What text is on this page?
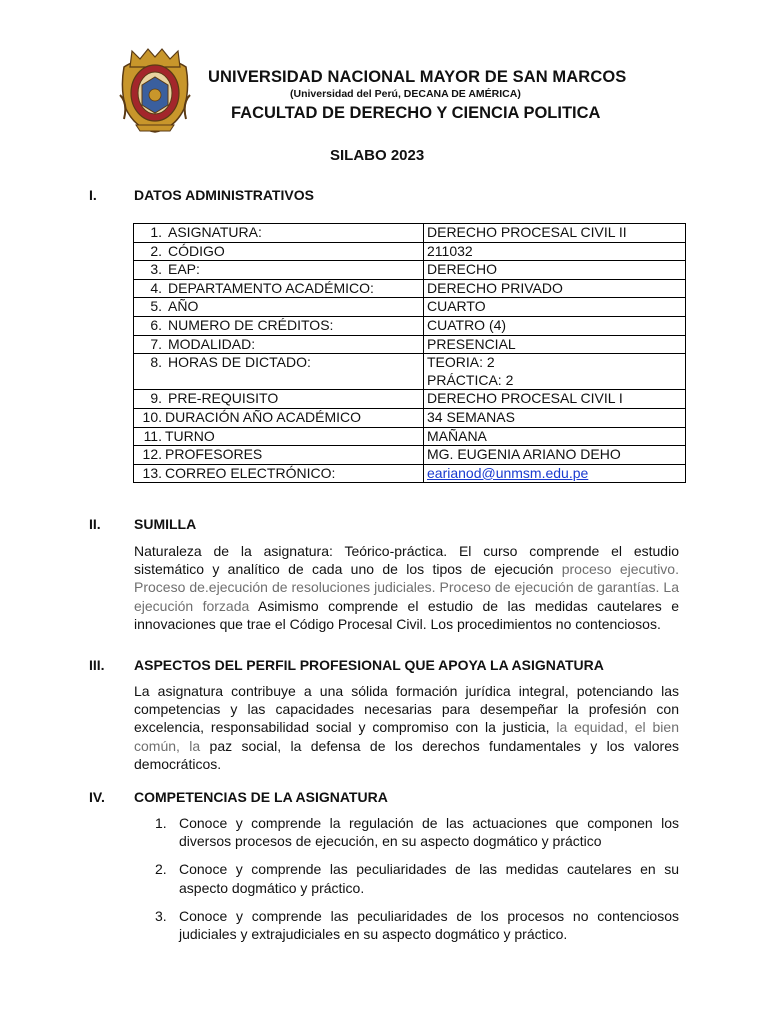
UNIVERSIDAD NACIONAL MAYOR DE SAN MARCOS
(Universidad del Perú, DECANA DE AMÉRICA)
FACULTAD DE DERECHO Y CIENCIA POLITICA
SILABO 2023
I.	DATOS ADMINISTRATIVOS
1. ASIGNATURA:	DERECHO PROCESAL CIVIL II
2. CÓDIGO	211032
3. EAP:	DERECHO
4. DEPARTAMENTO ACADÉMICO:	DERECHO PRIVADO
5. AÑO	CUARTO
6. NUMERO DE CRÉDITOS:	CUATRO (4)
7. MODALIDAD:	PRESENCIAL
8. HORAS DE DICTADO:	TEORIA: 2
PRÁCTICA: 2

9. PRE-REQUISITO	DERECHO PROCESAL CIVIL I
10. DURACIÓN AÑO ACADÉMICO	34 SEMANAS
11. TURNO	MAÑANA
12. PROFESORES	MG. EUGENIA ARIANO DEHO
13. CORREO ELECTRÓNICO:	earianod@unmsm.edu.pe
II. SUMILLA
Naturaleza de la asignatura: Teórico-práctica. El curso comprende el estudio sistemático y analítico de cada uno de los tipos de ejecución proceso ejecutivo. Proceso de.ejecución de resoluciones judiciales. Proceso de ejecución de garantías. La ejecución forzada Asimismo comprende el estudio de las medidas cautelares e innovaciones que trae el Código Procesal Civil. Los procedimientos no contenciosos.
III. ASPECTOS DEL PERFIL PROFESIONAL QUE APOYA LA ASIGNATURA
La asignatura contribuye a una sólida formación jurídica integral, potenciando las competencias y las capacidades necesarias para desempeñar la profesión con excelencia, responsabilidad social y compromiso con la justicia, la equidad, el bien común, la paz social, la defensa de los derechos fundamentales y los valores democráticos.
IV. COMPETENCIAS DE LA ASIGNATURA
1. Conoce y comprende la regulación de las actuaciones que componen los diversos procesos de ejecución, en su aspecto dogmático y práctico
2. Conoce y comprende las peculiaridades de las medidas cautelares en su aspecto dogmático y práctico.
3. Conoce y comprende las peculiaridades de los procesos no contenciosos judiciales y extrajudiciales en su aspecto dogmático y práctico.
